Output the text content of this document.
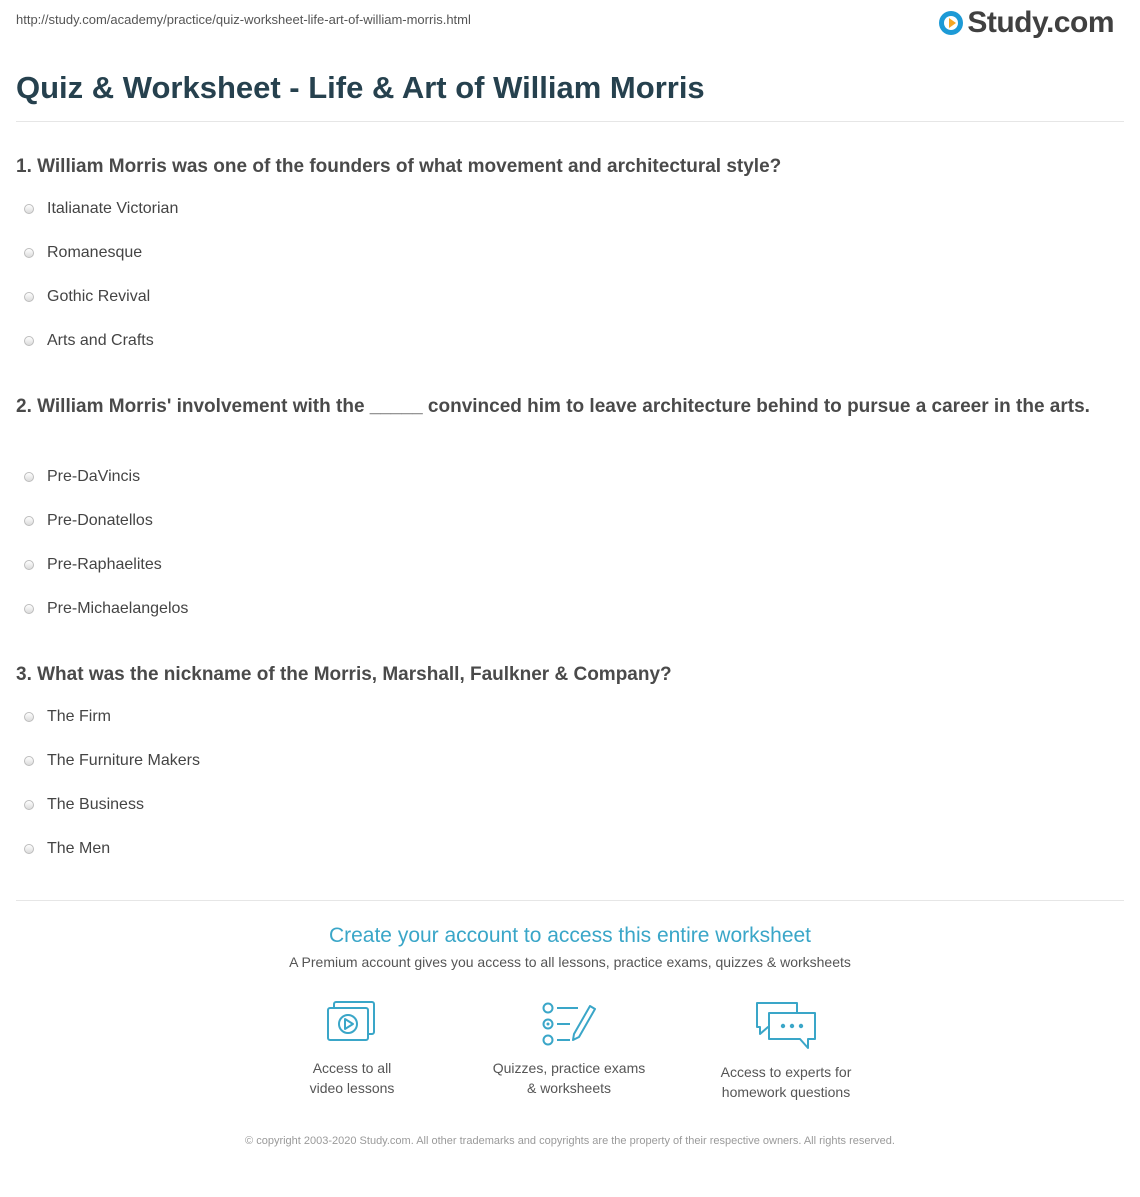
http://study.com/academy/practice/quiz-worksheet-life-art-of-william-morris.html	Study.com
Quiz & Worksheet - Life & Art of William Morris
1. William Morris was one of the founders of what movement and architectural style?
Italianate Victorian
Romanesque
Gothic Revival
Arts and Crafts
2. William Morris' involvement with the _____ convinced him to leave architecture behind to pursue a career in the arts.
Pre-DaVincis
Pre-Donatellos
Pre-Raphaelites
Pre-Michaelangelos
3. What was the nickname of the Morris, Marshall, Faulkner & Company?
The Firm
The Furniture Makers
The Business
The Men
Create your account to access this entire worksheet
A Premium account gives you access to all lessons, practice exams, quizzes & worksheets
Access to all
video lessons
Quizzes, practice exams
& worksheets
Access to experts for
homework questions
© copyright 2003-2020 Study.com. All other trademarks and copyrights are the property of their respective owners. All rights reserved.
